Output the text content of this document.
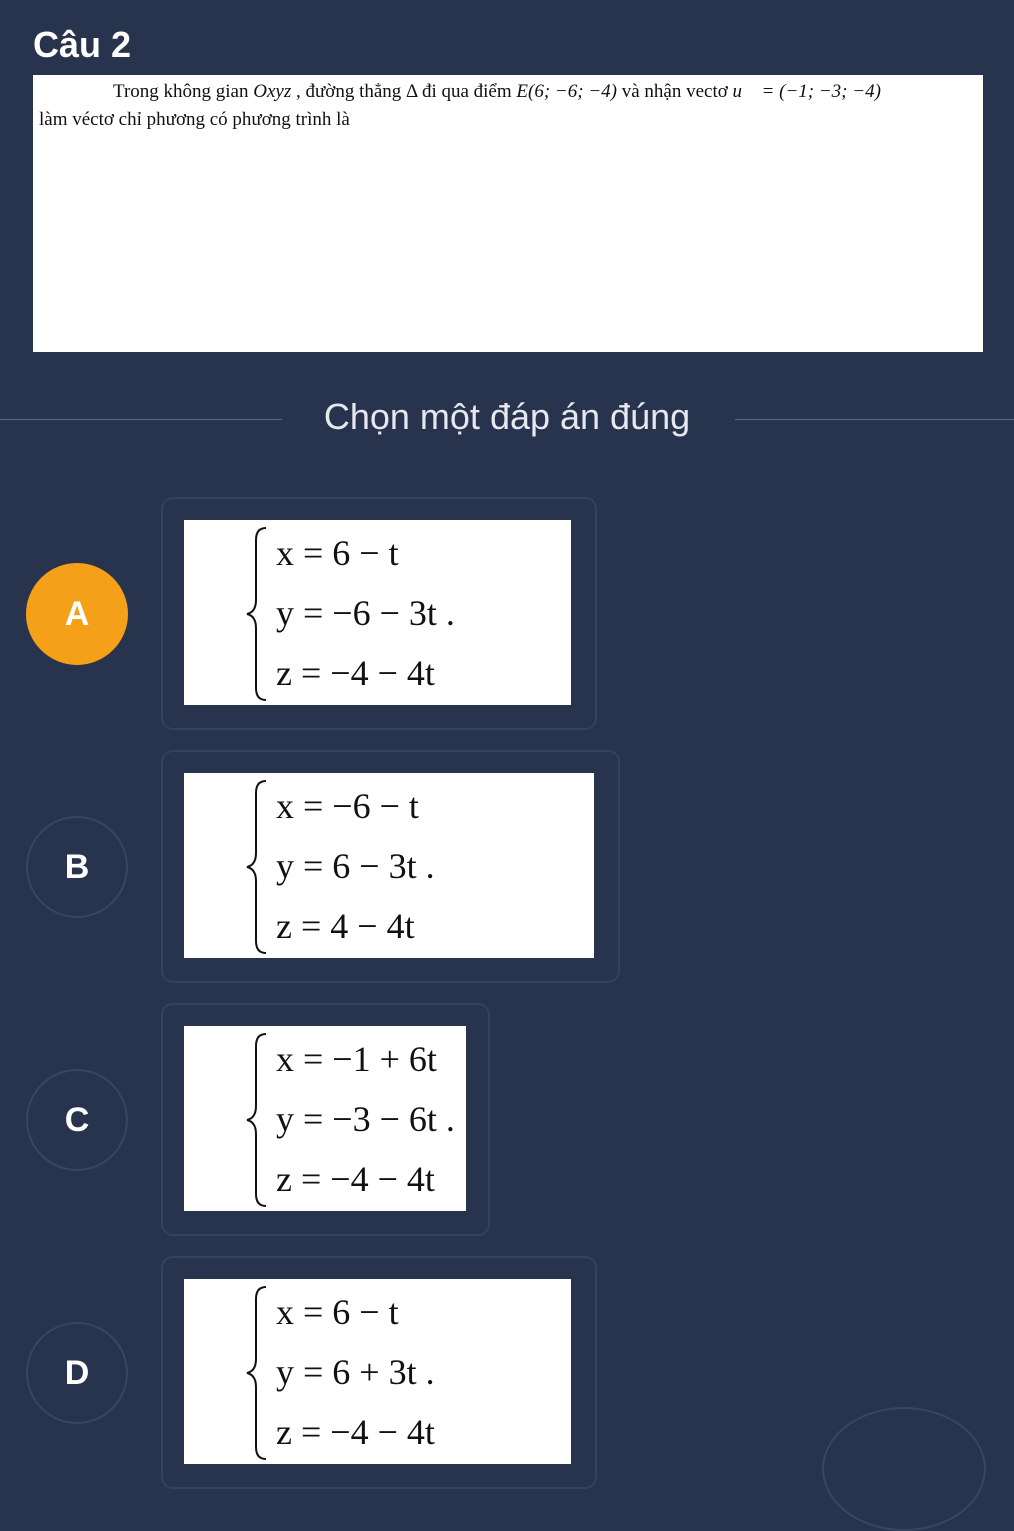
Câu 2
Trong không gian Oxyz , đường thẳng Δ đi qua điểm E(6; −6; −4) và nhận vectơ u⃗ = (−1; −3; −4)
làm véctơ chỉ phương có phương trình là
Chọn một đáp án đúng
A
x = 6 − t
y = −6 − 3t .
z = −4 − 4t
B
x = −6 − t
y = 6 − 3t .
z = 4 − 4t
C
x = −1 + 6t
y = −3 − 6t .
z = −4 − 4t
D
x = 6 − t
y = 6 + 3t .
z = −4 − 4t
